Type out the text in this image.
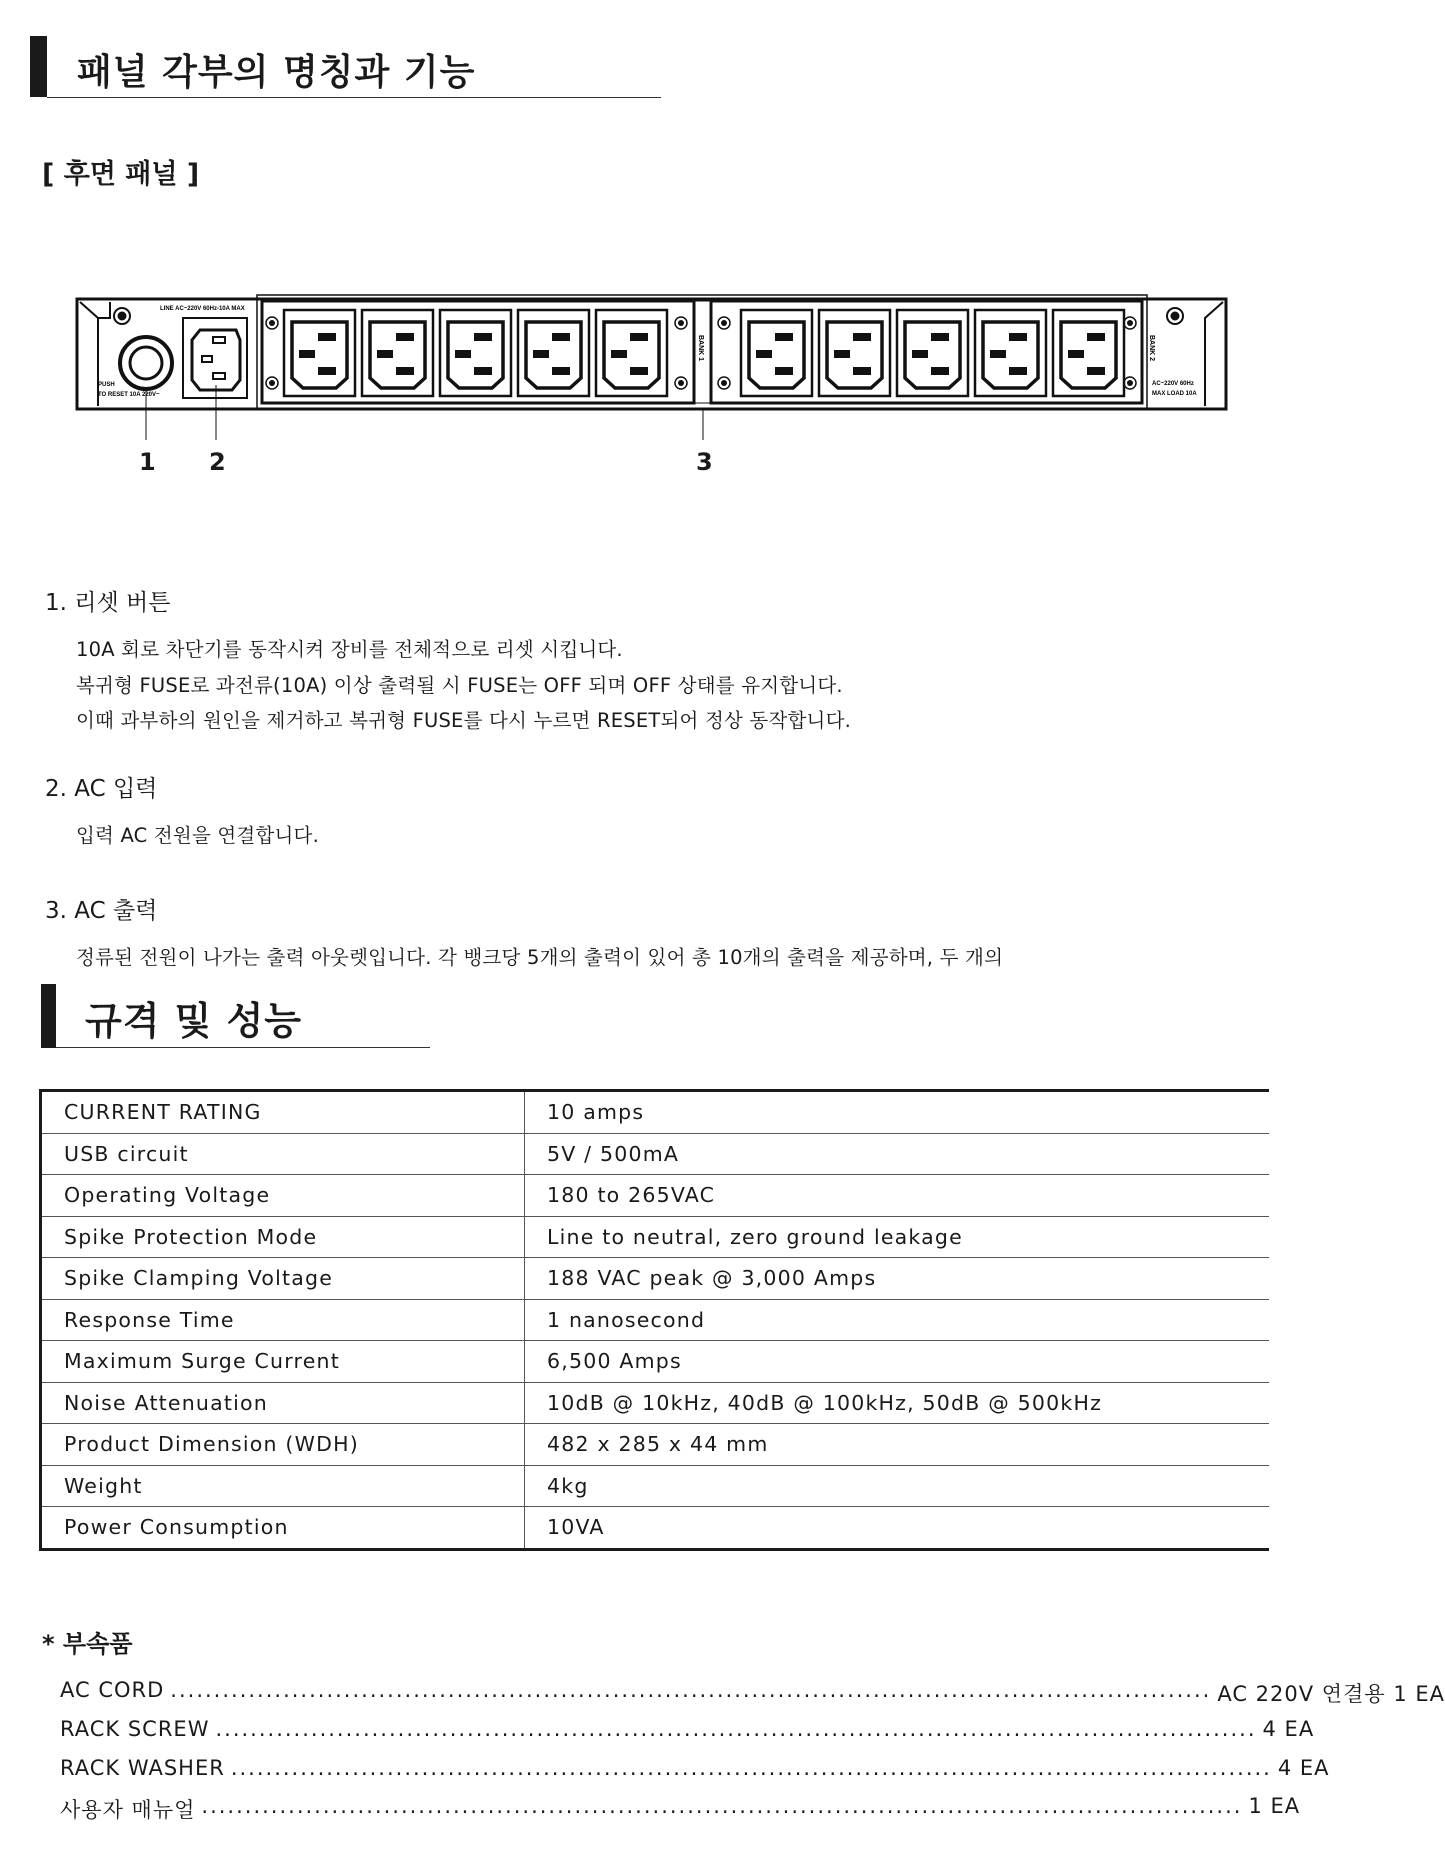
패널 각부의 명칭과 기능
[ 후면 패널 ]
LINE AC~220V 60Hz-10A MAX
PUSH
TO RESET 10A 220V~
BANK 1	BANK 2
AC~220V 60Hz
MAX LOAD 10A
1 2	3
1. 리셋 버튼
10A 회로 차단기를 동작시켜 장비를 전체적으로 리셋 시킵니다.
복귀형 FUSE로 과전류(10A) 이상 출력될 시 FUSE는 OFF 되며 OFF 상태를 유지합니다.
이때 과부하의 원인을 제거하고 복귀형 FUSE를 다시 누르면 RESET되어 정상 동작합니다.
2. AC 입력
입력 AC 전원을 연결합니다.
3. AC 출력
정류된 전원이 나가는 출력 아웃렛입니다. 각 뱅크당 5개의 출력이 있어 총 10개의 출력을 제공하며, 두 개의
규격 및 성능
CURRENT RATING	10 amps
USB circuit	5V / 500mA
Operating Voltage	180 to 265VAC
Spike Protection Mode	Line to neutral, zero ground leakage
Spike Clamping Voltage	188 VAC peak @ 3,000 Amps
Response Time	1 nanosecond
Maximum Surge Current	6,500 Amps
Noise Attenuation	10dB @ 10kHz, 40dB @ 100kHz, 50dB @ 500kHz
Product Dimension (WDH)	482 x 285 x 44 mm
Weight	4kg
Power Consumption	10VA
* 부속품
AC CORD ........................................................................................................................ AC 220V 연결용 1 EA
RACK SCREW ........................................................................................................................ 4 EA
RACK WASHER ........................................................................................................................ 4 EA
사용자 매뉴얼 ........................................................................................................................ 1 EA
